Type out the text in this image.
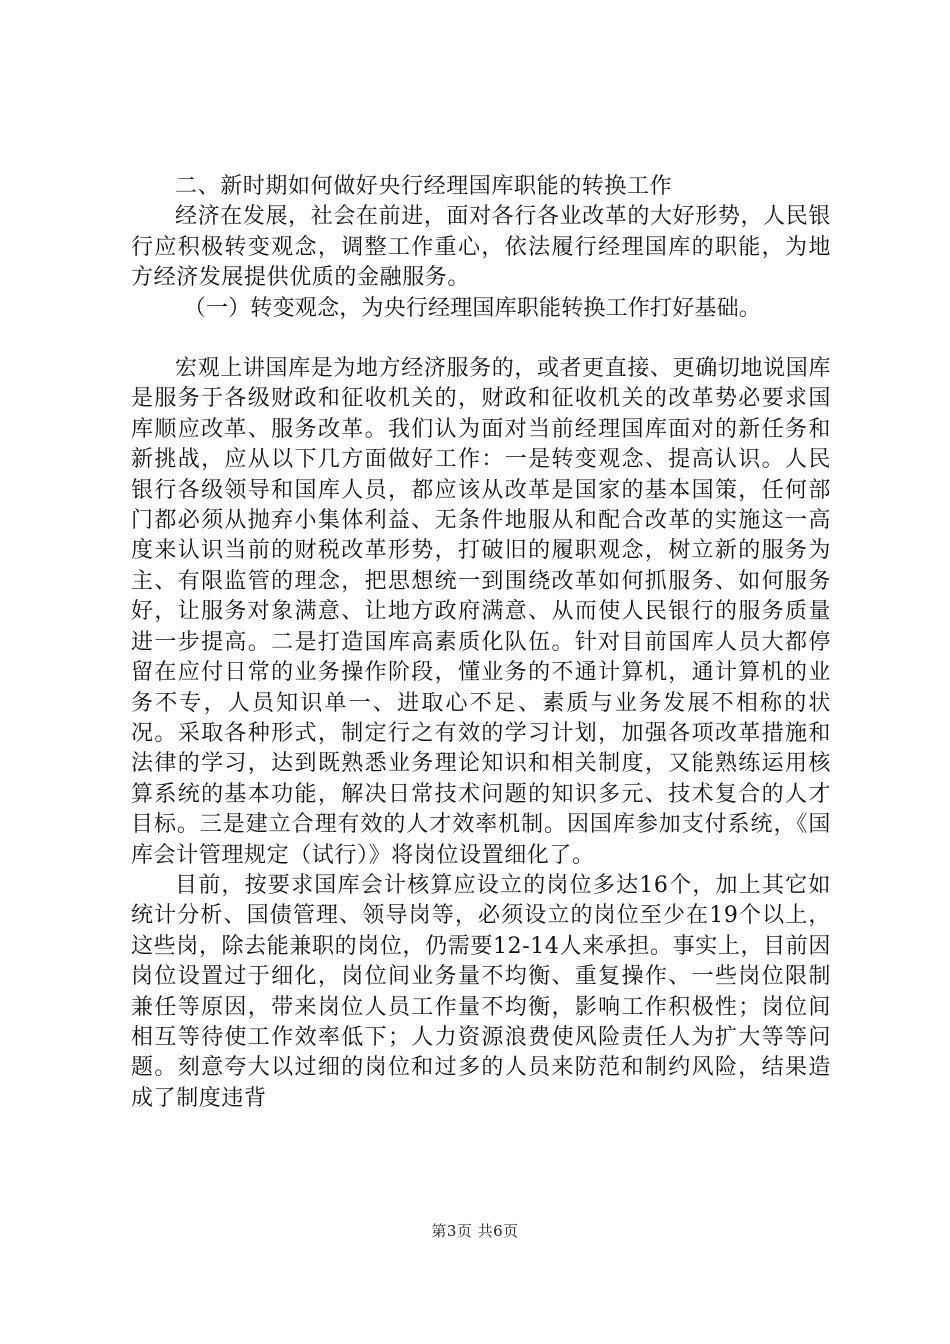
二、新时期如何做好央行经理国库职能的转换工作

经济在发展，社会在前进，面对各行各业改革的大好形势，人民银行应积极转变观念，调整工作重心，依法履行经理国库的职能，为地方经济发展提供优质的金融服务。

（一）转变观念，为央行经理国库职能转换工作打好基础。

宏观上讲国库是为地方经济服务的，或者更直接、更确切地说国库是服务于各级财政和征收机关的，财政和征收机关的改革势必要求国库顺应改革、服务改革。我们认为面对当前经理国库面对的新任务和新挑战，应从以下几方面做好工作：一是转变观念、提高认识。人民银行各级领导和国库人员，都应该从改革是国家的基本国策，任何部门都必须从抛弃小集体利益、无条件地服从和配合改革的实施这一高度来认识当前的财税改革形势，打破旧的履职观念，树立新的服务为主、有限监管的理念，把思想统一到围绕改革如何抓服务、如何服务好，让服务对象满意、让地方政府满意、从而使人民银行的服务质量进一步提高。二是打造国库高素质化队伍。针对目前国库人员大都停留在应付日常的业务操作阶段，懂业务的不通计算机，通计算机的业务不专，人员知识单一、进取心不足、素质与业务发展不相称的状况。采取各种形式，制定行之有效的学习计划，加强各项改革措施和法律的学习，达到既熟悉业务理论知识和相关制度，又能熟练运用核算系统的基本功能，解决日常技术问题的知识多元、技术复合的人才目标。三是建立合理有效的人才效率机制。因国库参加支付系统，《国库会计管理规定（试行）》将岗位设置细化了。

目前，按要求国库会计核算应设立的岗位多达16个，加上其它如统计分析、国债管理、领导岗等，必须设立的岗位至少在19个以上，这些岗，除去能兼职的岗位，仍需要12-14人来承担。事实上，目前因岗位设置过于细化，岗位间业务量不均衡、重复操作、一些岗位限制兼任等原因，带来岗位人员工作量不均衡，影响工作积极性；岗位间相互等待使工作效率低下；人力资源浪费使风险责任人为扩大等等问题。刻意夸大以过细的岗位和过多的人员来防范和制约风险，结果造成了制度违背

第3页 共6页
